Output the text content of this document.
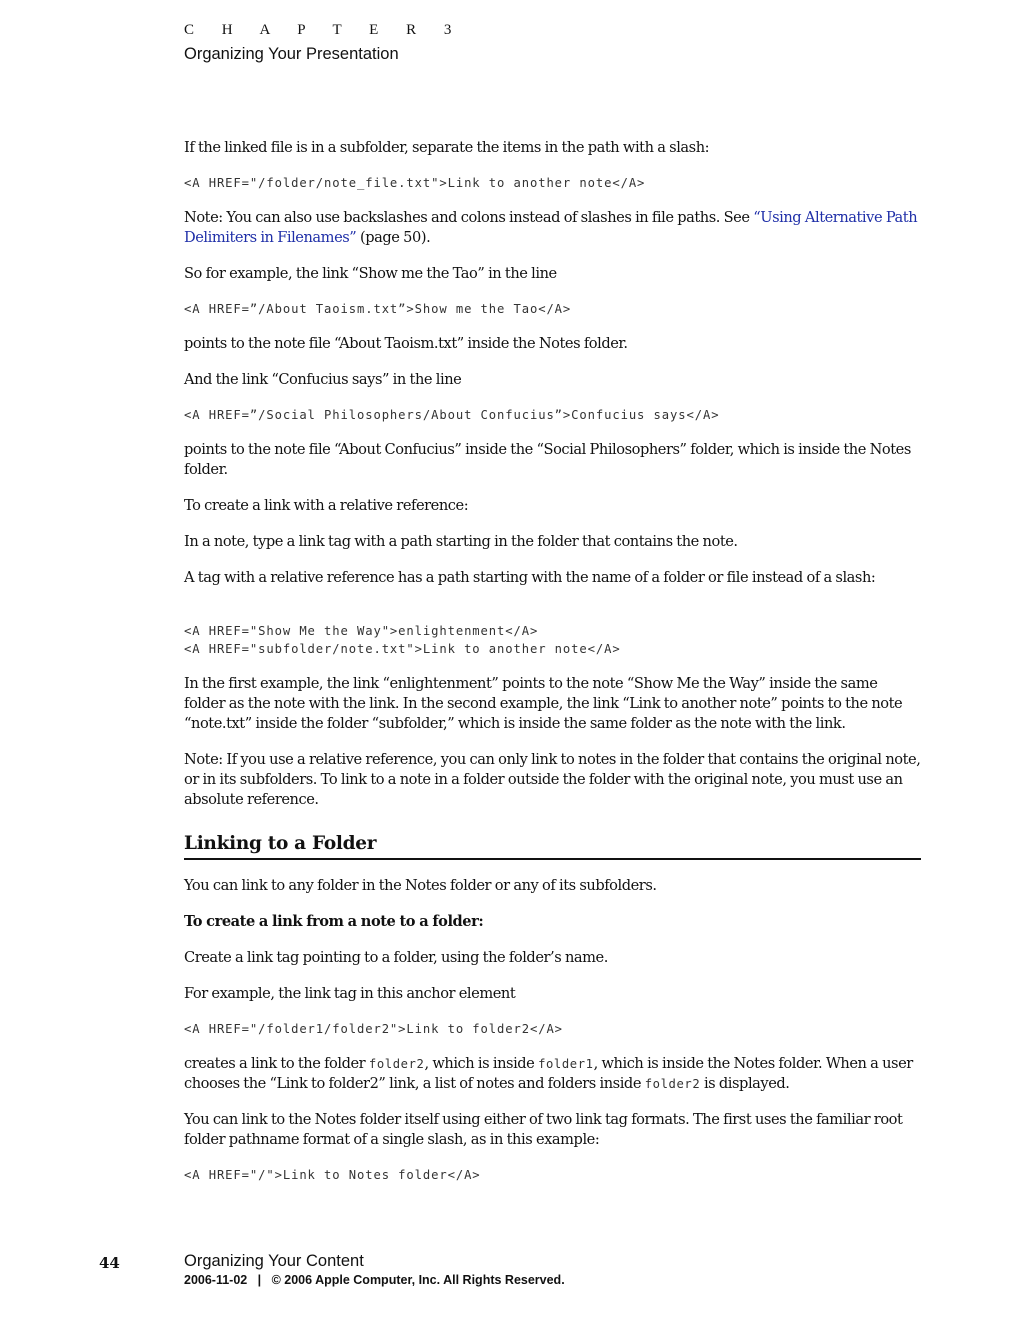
C H A P T E R 3
Organizing Your Presentation

If the linked file is in a subfolder, separate the items in the path with a slash:

<A HREF="/folder/note_file.txt">Link to another note</A>

Note: You can also use backslashes and colons instead of slashes in file paths. See “Using Alternative Path Delimiters in Filenames” (page 50).

So for example, the link “Show me the Tao” in the line

<A HREF=”/About Taoism.txt”>Show me the Tao</A>

points to the note file “About Taoism.txt” inside the Notes folder.

And the link “Confucius says” in the line

<A HREF=”/Social Philosophers/About Confucius”>Confucius says</A>

points to the note file “About Confucius” inside the “Social Philosophers” folder, which is inside the Notes folder.

To create a link with a relative reference:

In a note, type a link tag with a path starting in the folder that contains the note.

A tag with a relative reference has a path starting with the name of a folder or file instead of a slash:

<A HREF="Show Me the Way">enlightenment</A>
<A HREF="subfolder/note.txt">Link to another note</A>

In the first example, the link “enlightenment” points to the note “Show Me the Way” inside the same folder as the note with the link. In the second example, the link “Link to another note” points to the note “note.txt” inside the folder “subfolder,” which is inside the same folder as the note with the link.

Note: If you use a relative reference, you can only link to notes in the folder that contains the original note, or in its subfolders. To link to a note in a folder outside the folder with the original note, you must use an absolute reference.

Linking to a Folder

You can link to any folder in the Notes folder or any of its subfolders.

To create a link from a note to a folder:

Create a link tag pointing to a folder, using the folder’s name.

For example, the link tag in this anchor element

<A HREF="/folder1/folder2">Link to folder2</A>

creates a link to the folder folder2, which is inside folder1, which is inside the Notes folder. When a user chooses the “Link to folder2” link, a list of notes and folders inside folder2 is displayed.

You can link to the Notes folder itself using either of two link tag formats. The first uses the familiar root folder pathname format of a single slash, as in this example:

<A HREF="/">Link to Notes folder</A>
44	Organizing Your Content
2006-11-02   |   © 2006 Apple Computer, Inc. All Rights Reserved.
